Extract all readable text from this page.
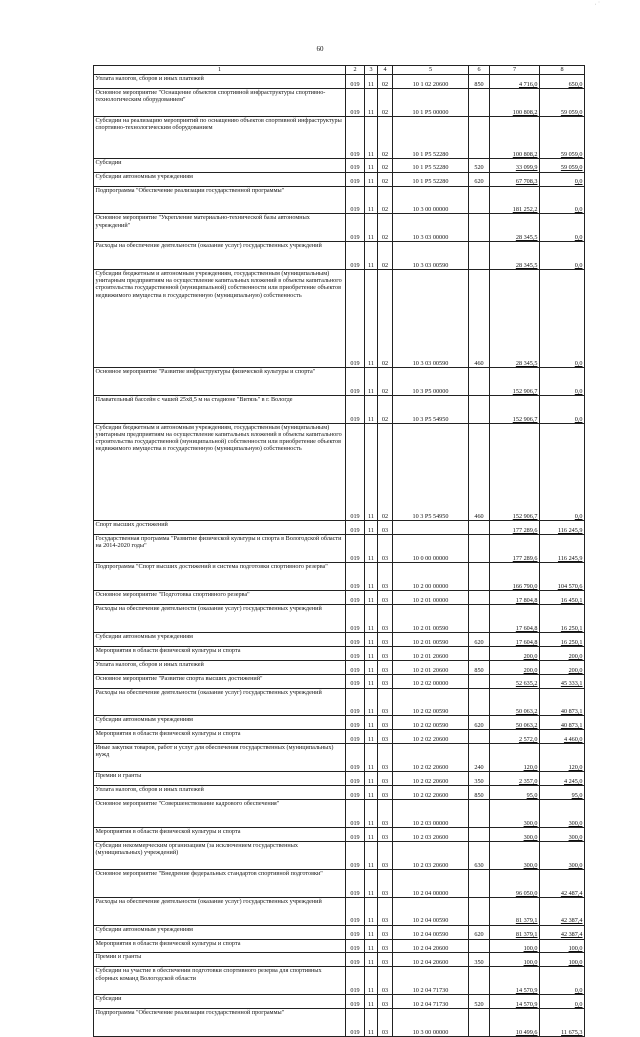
· ˈ
60
1	2	3	4	5	6	7	8
Уплата налогов, сборов и иных платежей	019	11	02	10 1 02 20600	850	4 716,0	650,0
Основное мероприятие "Оснащение объектов спортивной инфраструктуры спортивно-технологическим оборудованием"	019	11	02	10 1 P5 00000		100 808,2	59 059,0
Субсидии на реализацию мероприятий по оснащению объектов спортивной инфраструктуры спортивно-технологическим оборудованием	019	11	02	10 1 P5 52280		100 808,2	59 059,0
Субсидии	019	11	02	10 1 P5 52280	520	33 099,9	59 059,0
Субсидии автономным учреждениям	019	11	02	10 1 P5 52280	620	67 708,3	0,0
Подпрограмма "Обеспечение реализации государственной программы"	019	11	02	10 3 00 00000		181 252,2	0,0
Основное мероприятие "Укрепление материально-технической базы автономных учреждений"	019	11	02	10 3 03 00000		28 345,5	0,0
Расходы на обеспечение деятельности (оказание услуг) государственных учреждений	019	11	02	10 3 03 00590		28 345,5	0,0
Субсидии бюджетным и автономным учреждениям, государственным (муниципальным) унитарным предприятиям на осуществление капитальных вложений в объекты капитального строительства государственной (муниципальной) собственности или приобретение объектов недвижимого имущества в государственную (муниципальную) собственность	019	11	02	10 3 03 00590	460	28 345,5	0,0
Основное мероприятие "Развитие инфраструктуры физической культуры и спорта"	019	11	02	10 3 P5 00000		152 906,7	0,0
Плавательный бассейн с чашей 25x8,5 м на стадионе "Витязь" в г. Вологде	019	11	02	10 3 P5 54950		152 906,7	0,0
Субсидии бюджетным и автономным учреждениям, государственным (муниципальным) унитарным предприятиям на осуществление капитальных вложений в объекты капитального строительства государственной (муниципальной) собственности или приобретение объектов недвижимого имущества в государственную (муниципальную) собственность	019	11	02	10 3 P5 54950	460	152 906,7	0,0
Спорт высших достижений	019	11	03			177 289,6	116 245,9
Государственная программа "Развитие физической культуры и спорта в Вологодской области на 2014-2020 годы"	019	11	03	10 0 00 00000		177 289,6	116 245,9
Подпрограмма "Спорт высших достижений и система подготовки спортивного резерва"	019	11	03	10 2 00 00000		166 790,0	104 570,6
Основное мероприятие "Подготовка спортивного резерва"	019	11	03	10 2 01 00000		17 804,8	16 450,1
Расходы на обеспечение деятельности (оказание услуг) государственных учреждений	019	11	03	10 2 01 00590		17 604,8	16 250,1
Субсидии автономным учреждениям	019	11	03	10 2 01 00590	620	17 604,8	16 250,1
Мероприятия в области физической культуры и спорта	019	11	03	10 2 01 20600		200,0	200,0
Уплата налогов, сборов и иных платежей	019	11	03	10 2 01 20600	850	200,0	200,0
Основное мероприятие "Развитие спорта высших достижений"	019	11	03	10 2 02 00000		52 635,2	45 333,1
Расходы на обеспечение деятельности (оказание услуг) государственных учреждений	019	11	03	10 2 02 00590		50 063,2	40 873,1
Субсидии автономным учреждениям	019	11	03	10 2 02 00590	620	50 063,2	40 873,1
Мероприятия в области физической культуры и спорта	019	11	03	10 2 02 20600		2 572,0	4 460,0
Иные закупки товаров, работ и услуг для обеспечения государственных (муниципальных) нужд	019	11	03	10 2 02 20600	240	120,0	120,0
Премии и гранты	019	11	03	10 2 02 20600	350	2 357,0	4 245,0
Уплата налогов, сборов и иных платежей	019	11	03	10 2 02 20600	850	95,0	95,0
Основное мероприятие "Совершенствование кадрового обеспечения"	019	11	03	10 2 03 00000		300,0	300,0
Мероприятия в области физической культуры и спорта	019	11	03	10 2 03 20600		300,0	300,0
Субсидии некоммерческим организациям (за исключением государственных (муниципальных) учреждений)	019	11	03	10 2 03 20600	630	300,0	300,0
Основное мероприятие "Внедрение федеральных стандартов спортивной подготовки"	019	11	03	10 2 04 00000		96 050,0	42 487,4
Расходы на обеспечение деятельности (оказание услуг) государственных учреждений	019	11	03	10 2 04 00590		81 379,1	42 387,4
Субсидии автономным учреждениям	019	11	03	10 2 04 00590	620	81 379,1	42 387,4
Мероприятия в области физической культуры и спорта	019	11	03	10 2 04 20600		100,0	100,0
Премии и гранты	019	11	03	10 2 04 20600	350	100,0	100,0
Субсидии на участие в обеспечении подготовки спортивного резерва для спортивных сборных команд Вологодской области	019	11	03	10 2 04 71730		14 570,9	0,0
Субсидии	019	11	03	10 2 04 71730	520	14 570,9	0,0
Подпрограмма "Обеспечение реализации государственной программы"	019	11	03	10 3 00 00000		10 499,6	11 675,3
